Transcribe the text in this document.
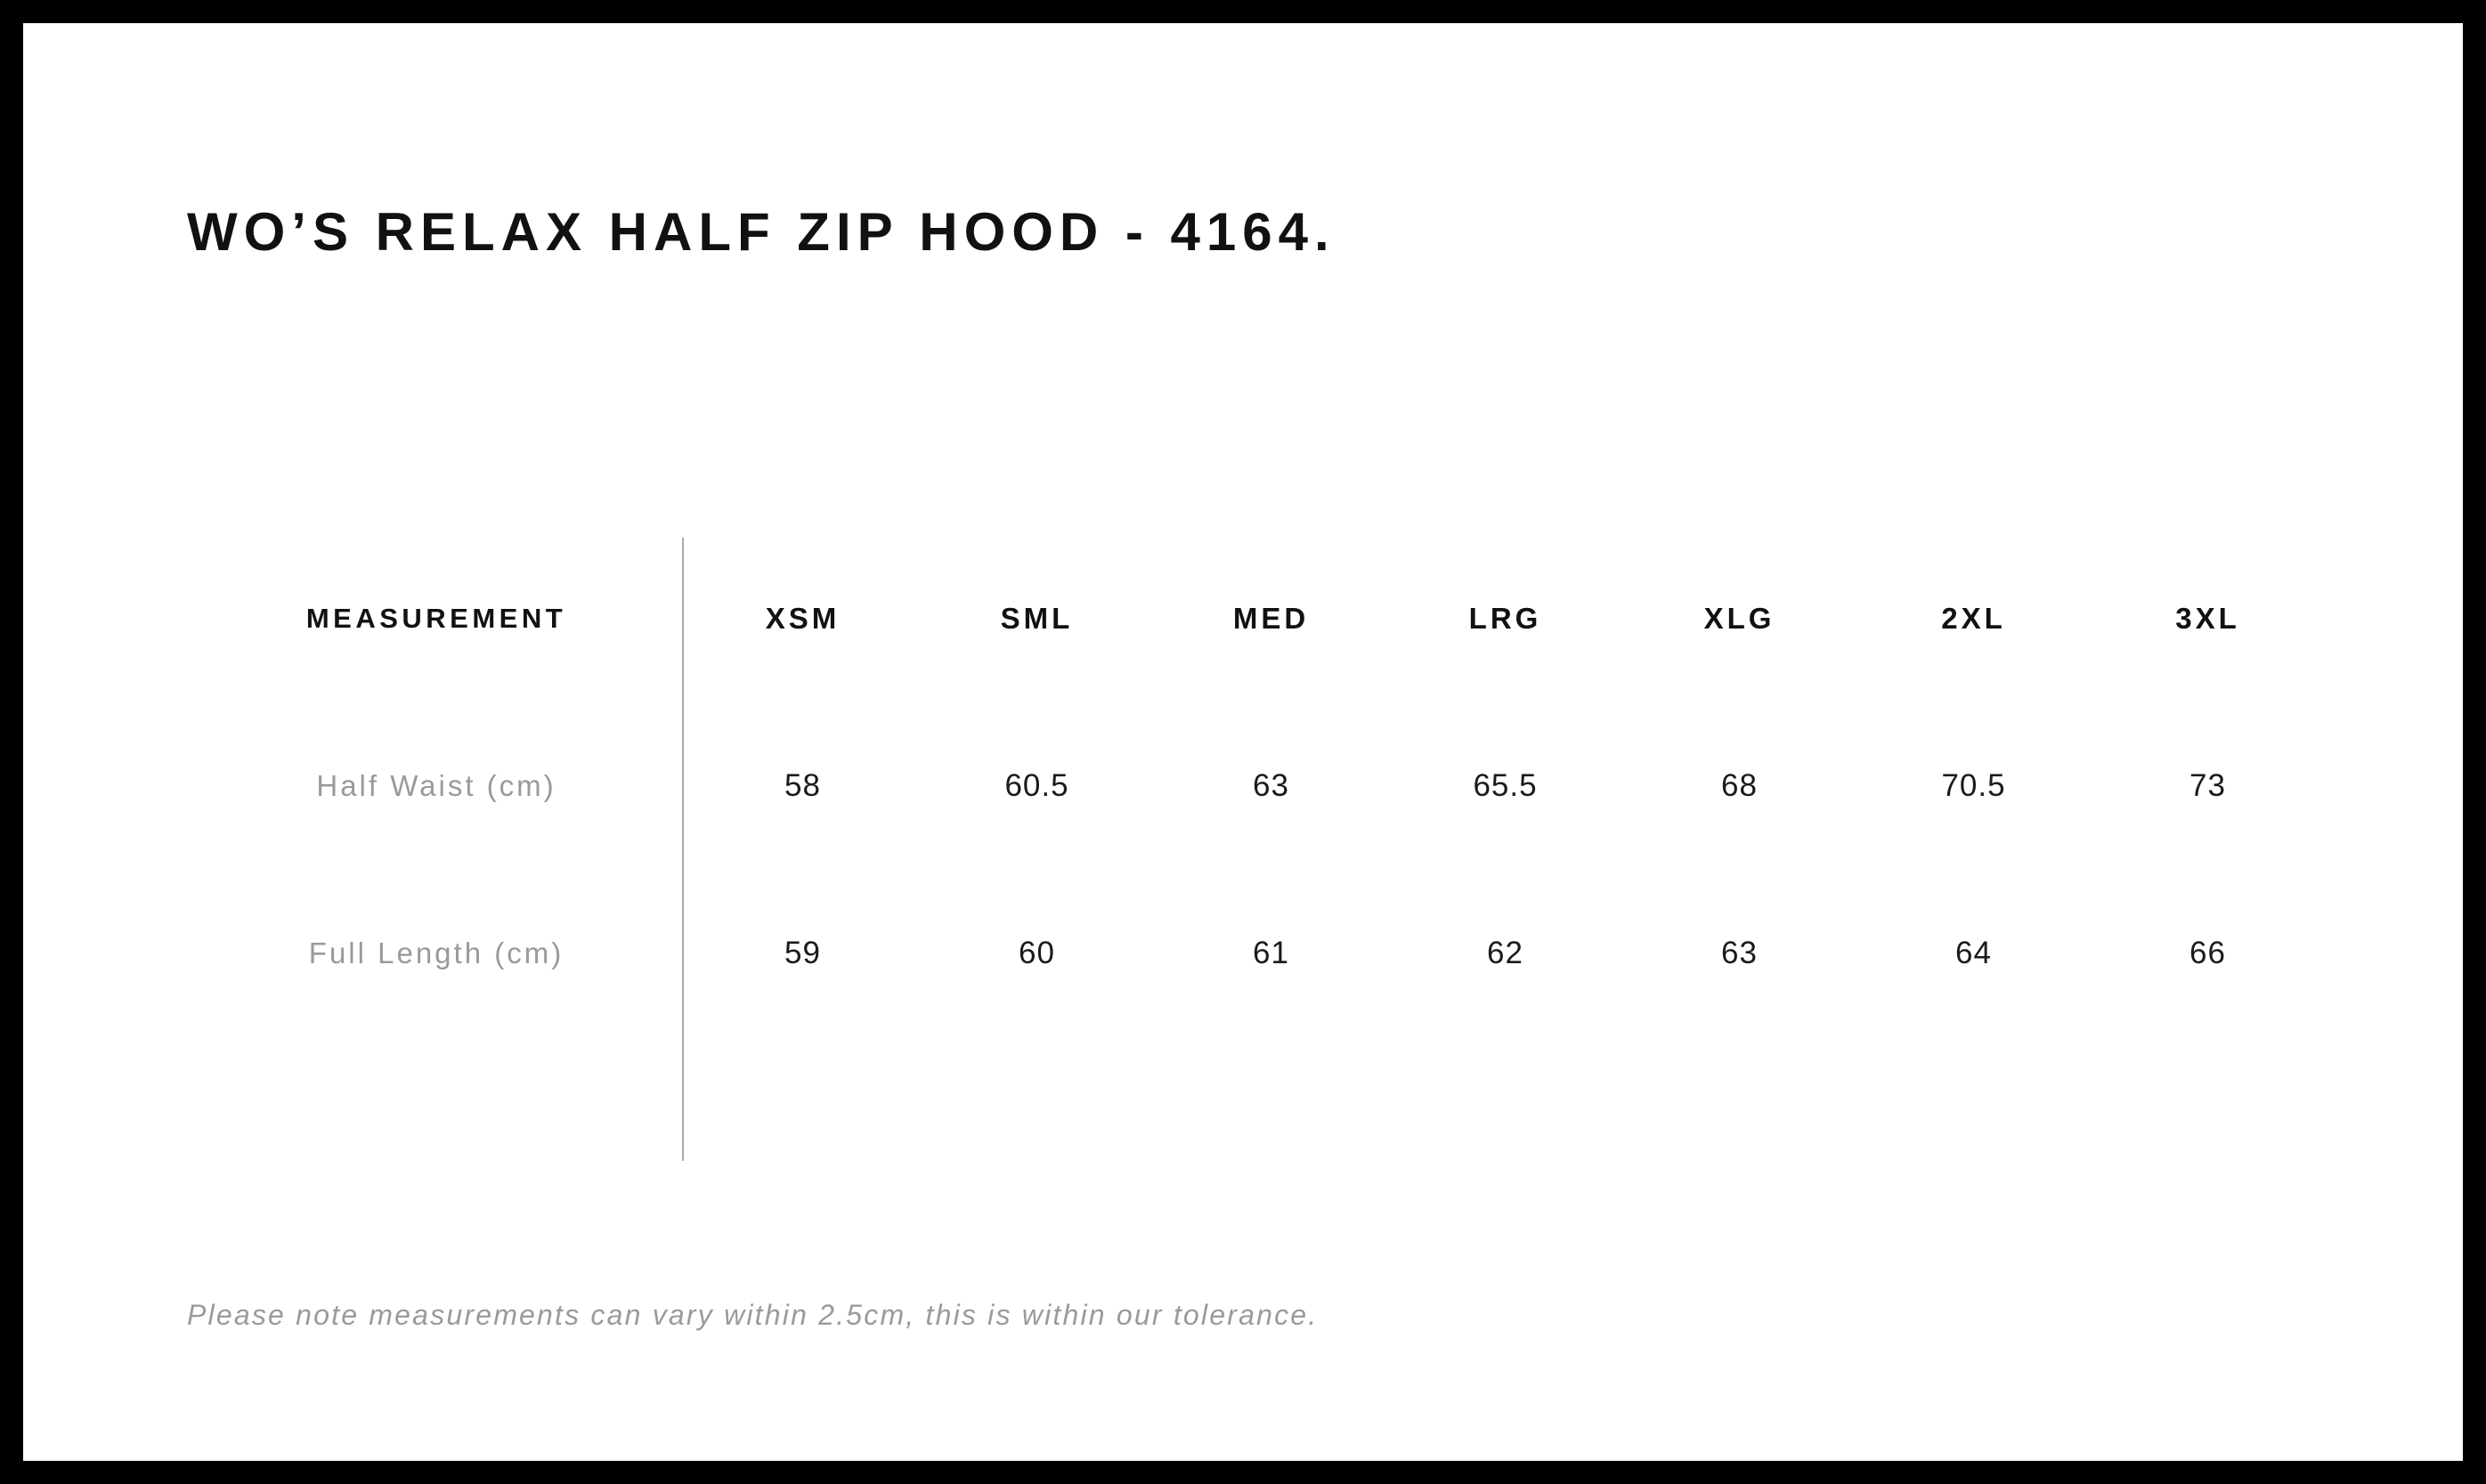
WO’S RELAX HALF ZIP HOOD - 4164.
MEASUREMENT	XSM	SML	MED	LRG	XLG	2XL	3XL
Half Waist (cm)	58	60.5	63	65.5	68	70.5	73
Full Length (cm)	59	60	61	62	63	64	66
Please note measurements can vary within 2.5cm, this is within our tolerance.
